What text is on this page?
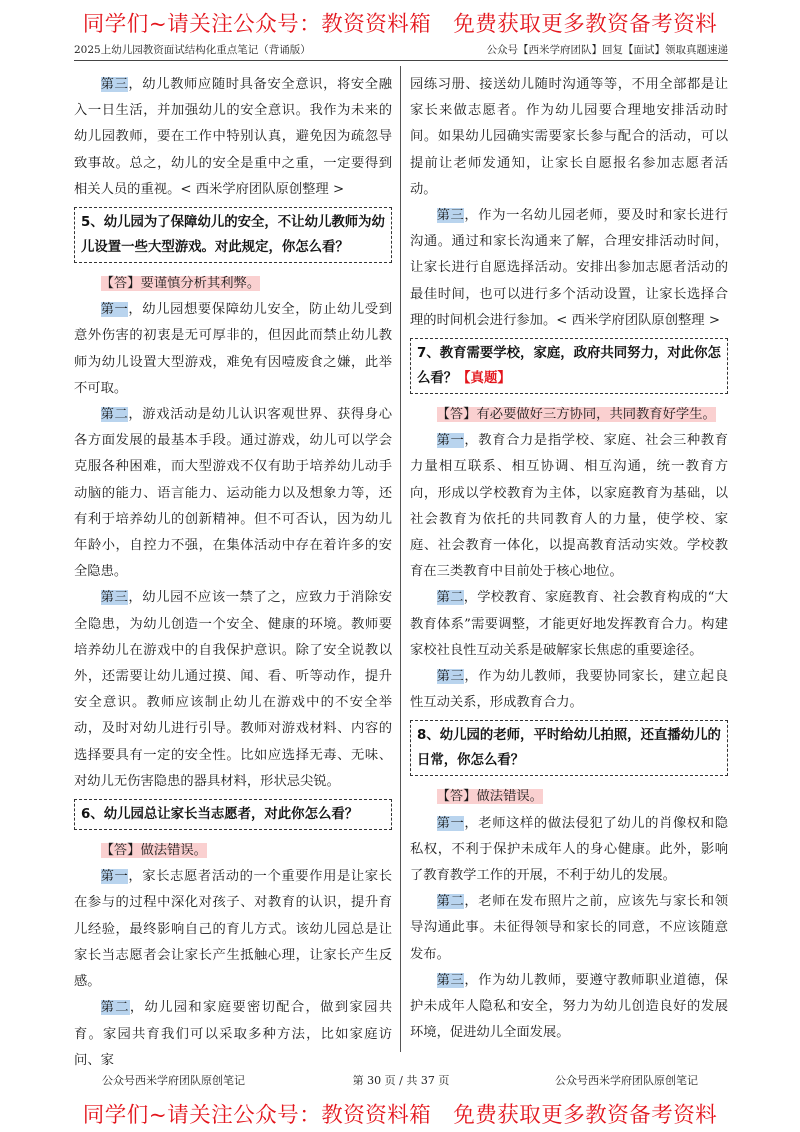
同学们~请关注公众号：教资资料箱　免费获取更多教资备考资料
2025上幼儿园教资面试结构化重点笔记（背诵版）	公众号【西米学府团队】回复【面试】领取真题速递

第三，幼儿教师应随时具备安全意识，将安全融入一日生活，并加强幼儿的安全意识。我作为未来的幼儿园教师，要在工作中特别认真，避免因为疏忽导致事故。总之，幼儿的安全是重中之重，一定要得到相关人员的重视。< 西米学府团队原创整理 >

5、幼儿园为了保障幼儿的安全，不让幼儿教师为幼儿设置一些大型游戏。对此规定，你怎么看？

【答】要谨慎分析其利弊。

第一，幼儿园想要保障幼儿安全，防止幼儿受到意外伤害的初衷是无可厚非的，但因此而禁止幼儿教师为幼儿设置大型游戏，难免有因噎废食之嫌，此举不可取。

第二，游戏活动是幼儿认识客观世界、获得身心各方面发展的最基本手段。通过游戏，幼儿可以学会克服各种困难，而大型游戏不仅有助于培养幼儿动手动脑的能力、语言能力、运动能力以及想象力等，还有利于培养幼儿的创新精神。但不可否认，因为幼儿年龄小，自控力不强，在集体活动中存在着许多的安全隐患。

第三，幼儿园不应该一禁了之，应致力于消除安全隐患，为幼儿创造一个安全、健康的环境。教师要培养幼儿在游戏中的自我保护意识。除了安全说教以外，还需要让幼儿通过摸、闻、看、听等动作，提升安全意识。教师应该制止幼儿在游戏中的不安全举动，及时对幼儿进行引导。教师对游戏材料、内容的选择要具有一定的安全性。比如应选择无毒、无味、对幼儿无伤害隐患的器具材料，形状忌尖锐。

6、幼儿园总让家长当志愿者，对此你怎么看？

【答】做法错误。

第一，家长志愿者活动的一个重要作用是让家长在参与的过程中深化对孩子、对教育的认识，提升育儿经验，最终影响自己的育儿方式。该幼儿园总是让家长当志愿者会让家长产生抵触心理，让家长产生反感。

第二，幼儿园和家庭要密切配合，做到家园共育。家园共育我们可以采取多种方法，比如家庭访问、家

园练习册、接送幼儿随时沟通等等，不用全部都是让家长来做志愿者。作为幼儿园要合理地安排活动时间。如果幼儿园确实需要家长参与配合的活动，可以提前让老师发通知，让家长自愿报名参加志愿者活动。

第三，作为一名幼儿园老师，要及时和家长进行沟通。通过和家长沟通来了解，合理安排活动时间，让家长进行自愿选择活动。安排出参加志愿者活动的最佳时间，也可以进行多个活动设置，让家长选择合理的时间机会进行参加。< 西米学府团队原创整理 >

7、教育需要学校，家庭，政府共同努力，对此你怎么看？【真题】

【答】有必要做好三方协同，共同教育好学生。

第一，教育合力是指学校、家庭、社会三种教育力量相互联系、相互协调、相互沟通，统一教育方向，形成以学校教育为主体，以家庭教育为基础，以社会教育为依托的共同教育人的力量，使学校、家庭、社会教育一体化，以提高教育活动实效。学校教育在三类教育中目前处于核心地位。

第二，学校教育、家庭教育、社会教育构成的“大教育体系”需要调整，才能更好地发挥教育合力。构建家校社良性互动关系是破解家长焦虑的重要途径。

第三，作为幼儿教师，我要协同家长，建立起良性互动关系，形成教育合力。

8、幼儿园的老师，平时给幼儿拍照，还直播幼儿的日常，你怎么看？

【答】做法错误。

第一，老师这样的做法侵犯了幼儿的肖像权和隐私权，不利于保护未成年人的身心健康。此外，影响了教育教学工作的开展，不利于幼儿的发展。

第二，老师在发布照片之前，应该先与家长和领导沟通此事。未征得领导和家长的同意，不应该随意发布。

第三，作为幼儿教师，要遵守教师职业道德，保护未成年人隐私和安全，努力为幼儿创造良好的发展环境，促进幼儿全面发展。

公众号西米学府团队原创笔记	第 30 页 / 共 37 页	公众号西米学府团队原创笔记
同学们~请关注公众号：教资资料箱　免费获取更多教资备考资料
